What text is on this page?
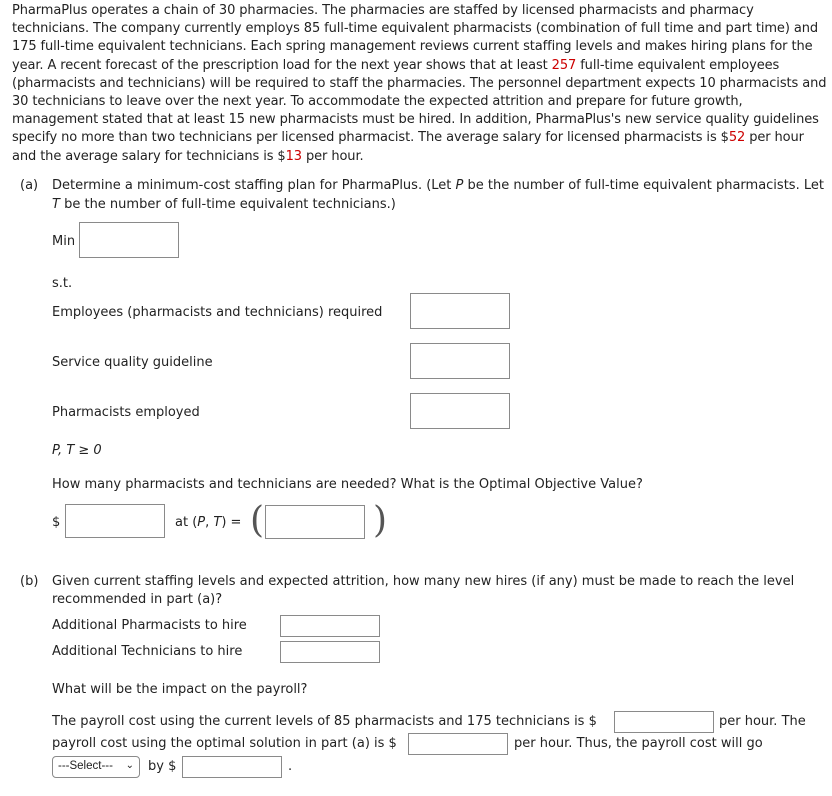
PharmaPlus operates a chain of 30 pharmacies. The pharmacies are staffed by licensed pharmacists and pharmacy technicians. The company currently employs 85 full-time equivalent pharmacists (combination of full time and part time) and 175 full-time equivalent technicians. Each spring management reviews current staffing levels and makes hiring plans for the year. A recent forecast of the prescription load for the next year shows that at least 257 full-time equivalent employees (pharmacists and technicians) will be required to staff the pharmacies. The personnel department expects 10 pharmacists and 30 technicians to leave over the next year. To accommodate the expected attrition and prepare for future growth, management stated that at least 15 new pharmacists must be hired. In addition, PharmaPlus's new service quality guidelines specify no more than two technicians per licensed pharmacist. The average salary for licensed pharmacists is $52 per hour and the average salary for technicians is $13 per hour.
(a) Determine a minimum-cost staffing plan for PharmaPlus. (Let P be the number of full-time equivalent pharmacists. Let
T be the number of full-time equivalent technicians.)
Min
s.t.
Employees (pharmacists and technicians) required
Service quality guideline
Pharmacists employed
P, T ≥ 0
How many pharmacists and technicians are needed? What is the Optimal Objective Value?
$	at (P, T) = (	)
(b) Given current staffing levels and expected attrition, how many new hires (if any) must be made to reach the level
recommended in part (a)?
Additional Pharmacists to hire
Additional Technicians to hire
What will be the impact on the payroll?
The payroll cost using the current levels of 85 pharmacists and 175 technicians is $	per hour. The
payroll cost using the optimal solution in part (a) is $	per hour. Thus, the payroll cost will go
---Select--- ⌄ by $	.
